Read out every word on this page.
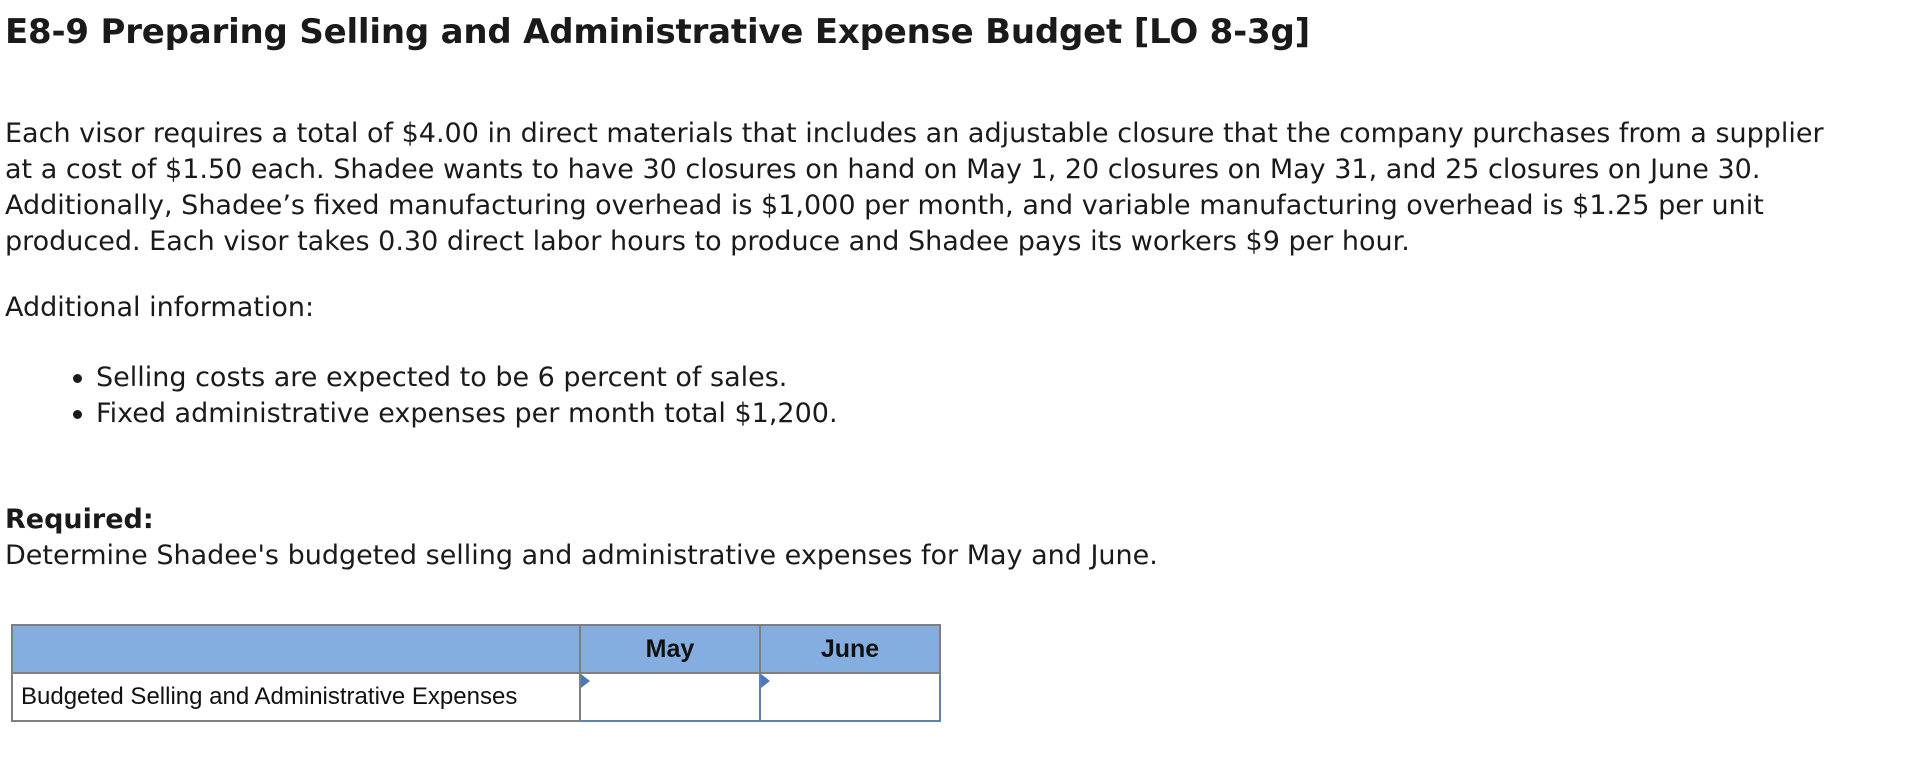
E8-9 Preparing Selling and Administrative Expense Budget [LO 8-3g]

Each visor requires a total of $4.00 in direct materials that includes an adjustable closure that the company purchases from a supplier
at a cost of $1.50 each. Shadee wants to have 30 closures on hand on May 1, 20 closures on May 31, and 25 closures on June 30.
Additionally, Shadee’s fixed manufacturing overhead is $1,000 per month, and variable manufacturing overhead is $1.25 per unit
produced. Each visor takes 0.30 direct labor hours to produce and Shadee pays its workers $9 per hour.

Additional information:

Selling costs are expected to be 6 percent of sales.
Fixed administrative expenses per month total $1,200.

Required:

Determine Shadee's budgeted selling and administrative expenses for May and June.

	May	June
Budgeted Selling and Administrative Expenses	
